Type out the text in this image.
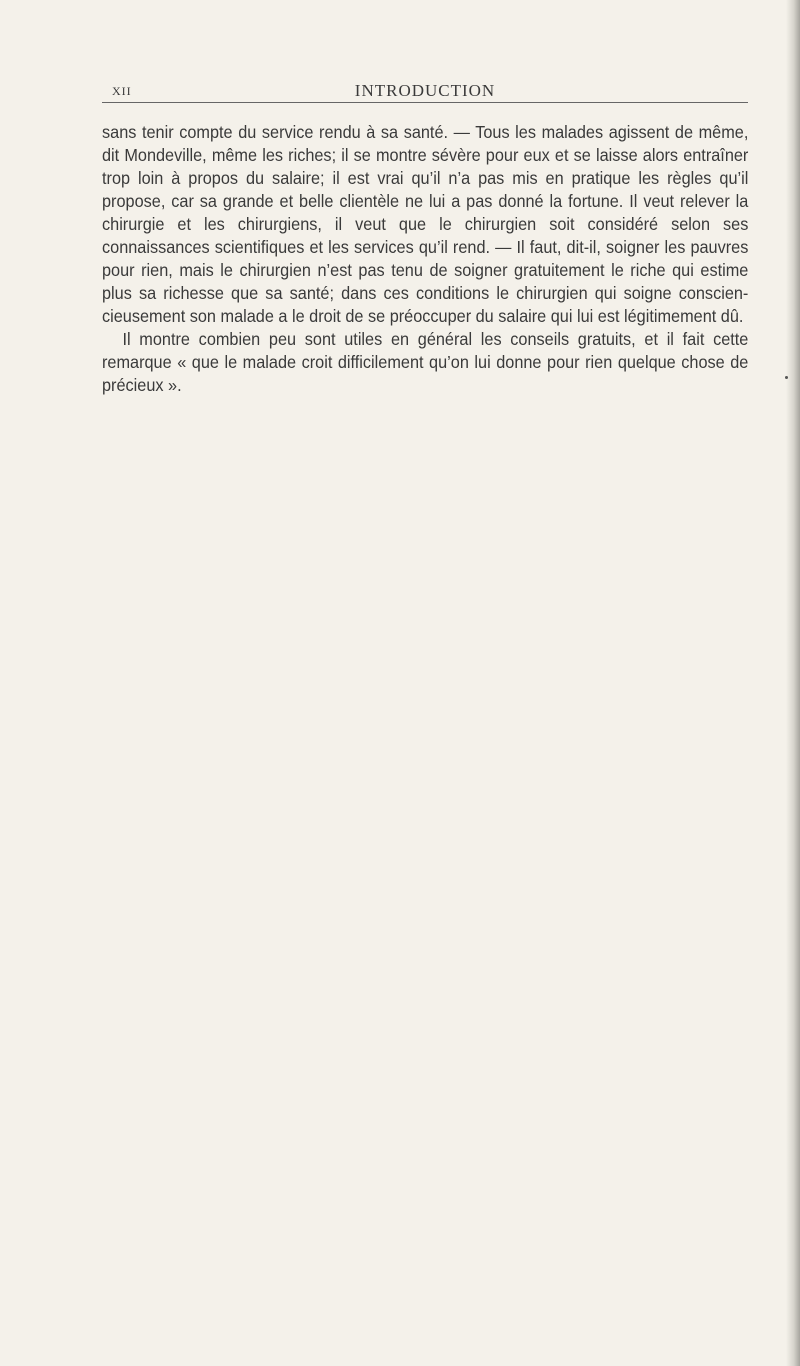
XII	INTRODUCTION

sans tenir compte du service rendu à sa santé. — Tous les malades agissent de même, dit Mondeville, même les riches; il se montre sévère pour eux et se laisse alors entraîner trop loin à propos du salaire; il est vrai qu’il n’a pas mis en pratique les règles qu’il propose, car sa grande et belle clientèle ne lui a pas donné la fortune. Il veut relever la chirurgie et les chirurgiens, il veut que le chirurgien soit considéré selon ses connaissances scientifiques et les services qu’il rend. — Il faut, dit-il, soigner les pauvres pour rien, mais le chirurgien n’est pas tenu de soigner gratuitement le riche qui estime plus sa richesse que sa santé; dans ces conditions le chirurgien qui soigne consciencieusement son malade a le droit de se préoccuper du salaire qui lui est légitimement dû.

Il montre combien peu sont utiles en général les conseils gratuits, et il fait cette remarque « que le malade croit difficilement qu’on lui donne pour rien quelque chose de précieux ».
